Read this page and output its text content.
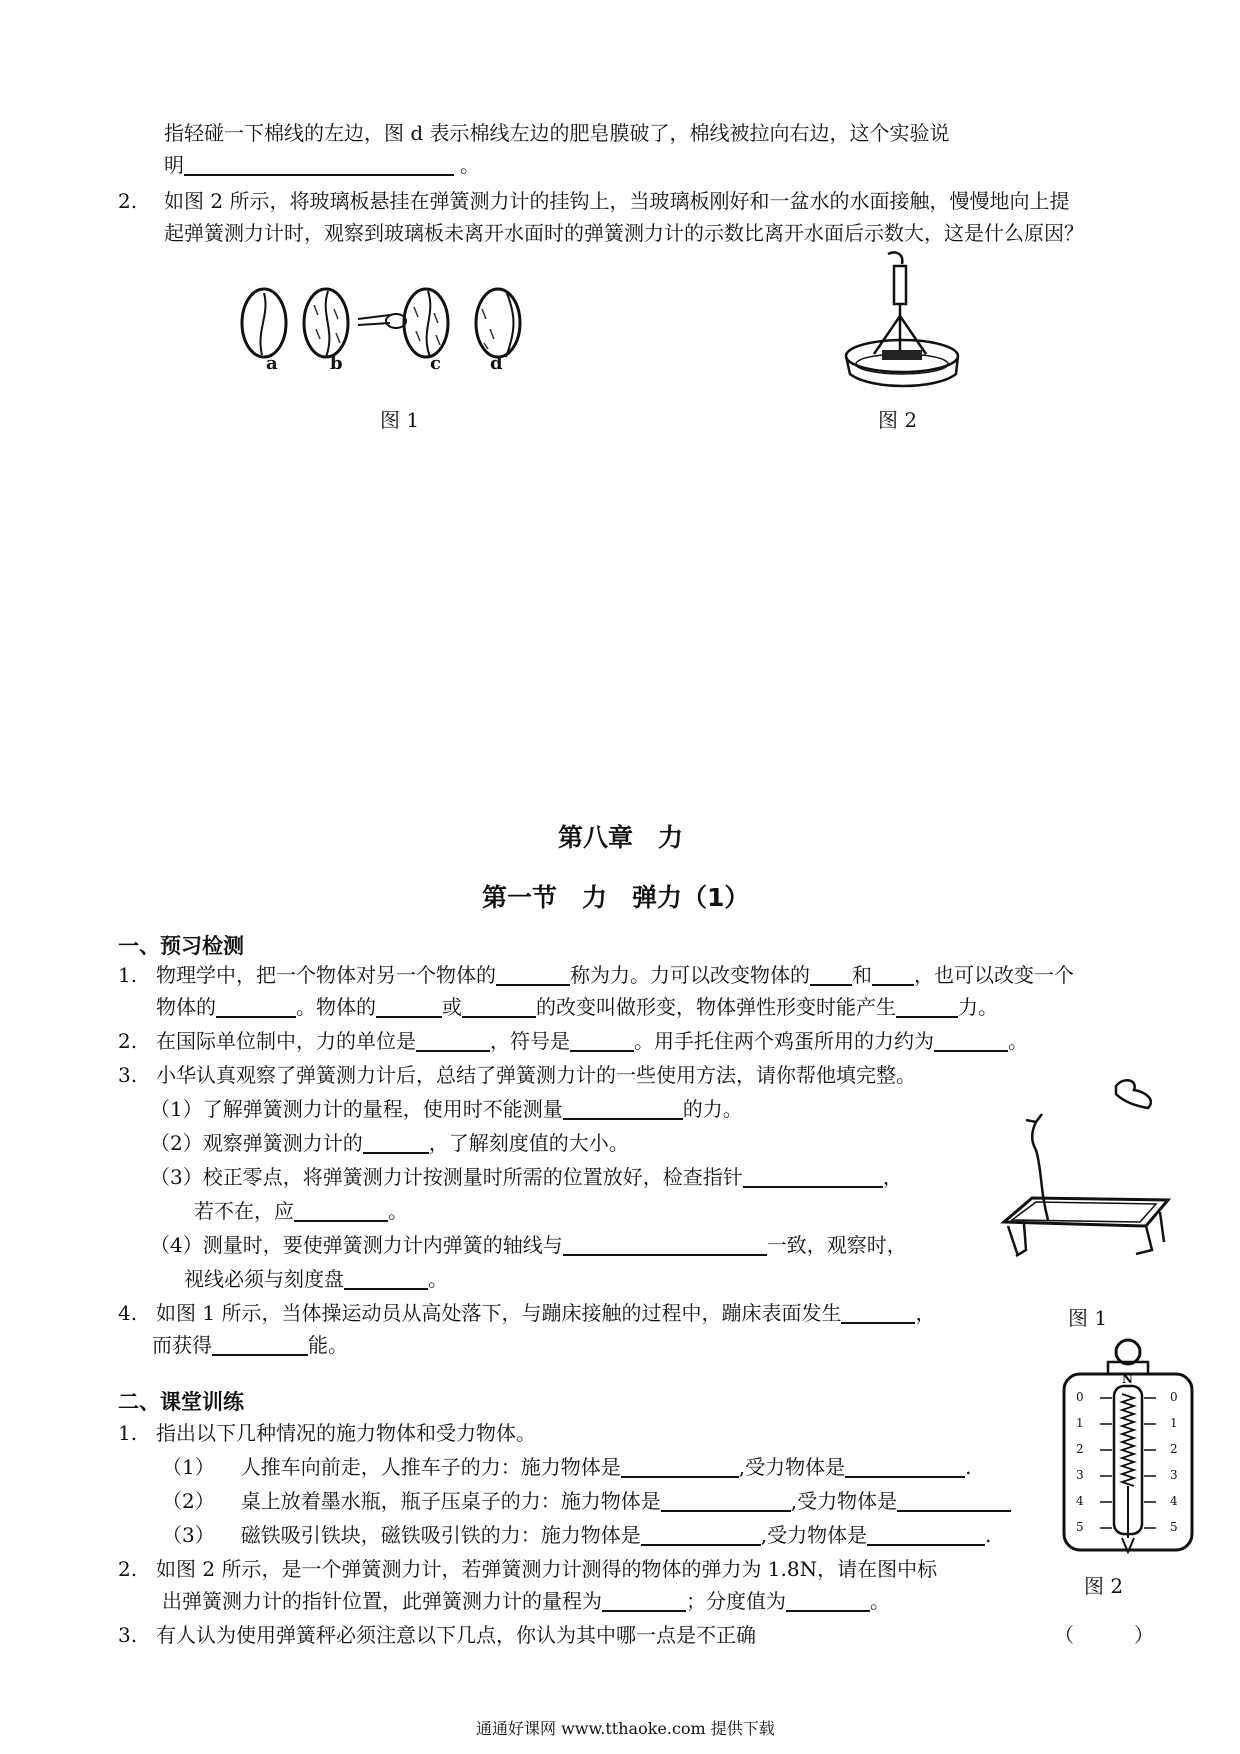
指轻碰一下棉线的左边，图 d 表示棉线左边的肥皂膜破了，棉线被拉向右边，这个实验说
明	。
2. 如图 2 所示，将玻璃板悬挂在弹簧测力计的挂钩上，当玻璃板刚好和一盆水的水面接触，慢慢地向上提
起弹簧测力计时，观察到玻璃板未离开水面时的弹簧测力计的示数比离开水面后示数大，这是什么原因？
a	b	c	d
图 1	图 2
第八章　力
第一节　力　弹力（1）
一、预习检测
1. 物理学中，把一个物体对另一个物体的	称为力。力可以改变物体的 和 ，也可以改变一个
物体的	。物体的	或	的改变叫做形变，物体弹性形变时能产生	力。
2. 在国际单位制中，力的单位是	，符号是	。用手托住两个鸡蛋所用的力约为	。
3. 小华认真观察了弹簧测力计后，总结了弹簧测力计的一些使用方法，请你帮他填完整。
（1）了解弹簧测力计的量程，使用时不能测量	的力。
（2）观察弹簧测力计的	，了解刻度值的大小。
（3）校正零点，将弹簧测力计按测量时所需的位置放好，检查指针	，
若不在，应	。
（4）测量时，要使弹簧测力计内弹簧的轴线与	一致，观察时，
视线必须与刻度盘	。
4. 如图 1 所示，当体操运动员从高处落下，与蹦床接触的过程中，蹦床表面发生	，
而获得	能。
图 1
二、课堂训练
1. 指出以下几种情况的施力物体和受力物体。
（1） 人推车向前走，人推车子的力：施力物体是	,受力物体是	.
（2） 桌上放着墨水瓶，瓶子压桌子的力：施力物体是	,受力物体是
（3） 磁铁吸引铁块，磁铁吸引铁的力：施力物体是	,受力物体是	.
2. 如图 2 所示，是一个弹簧测力计，若弹簧测力计测得的物体的弹力为 1.8N，请在图中标
出弹簧测力计的指针位置，此弹簧测力计的量程为	；分度值为	。
3. 有人认为使用弹簧秤必须注意以下几点，你认为其中哪一点是不正确	（　　　）
N
0
1
2
3
4
5
0
1
2
3
4
5
图 2
通通好课网 www.tthaoke.com 提供下载
